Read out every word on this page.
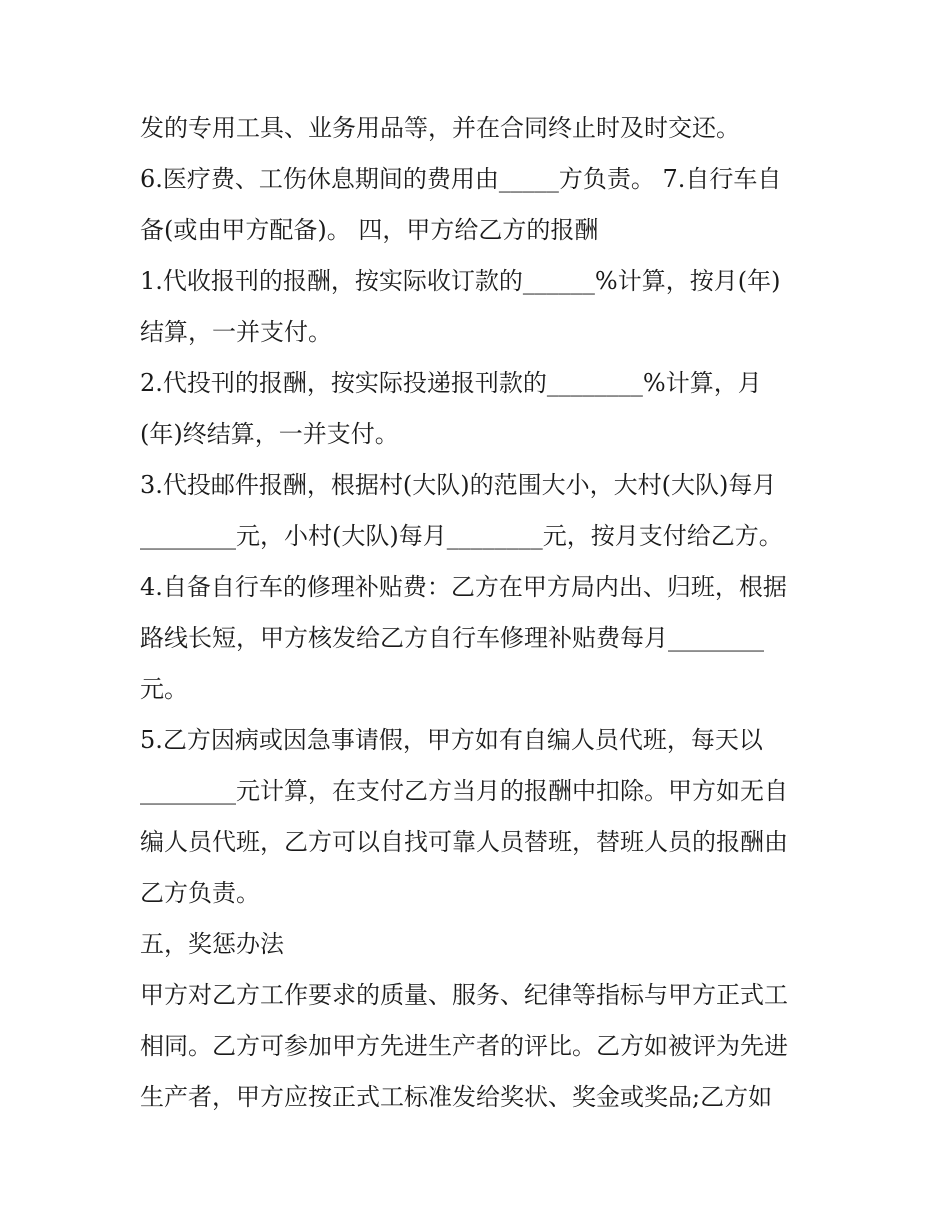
发的专用工具、业务用品等，并在合同终止时及时交还。
6.医疗费、工伤休息期间的费用由_____方负责。 7.自行车自
备(或由甲方配备)。 四，甲方给乙方的报酬
1.代收报刊的报酬，按实际收订款的______%计算，按月(年)
结算，一并支付。
2.代投刊的报酬，按实际投递报刊款的________%计算，月
(年)终结算，一并支付。
3.代投邮件报酬，根据村(大队)的范围大小，大村(大队)每月
________元，小村(大队)每月________元，按月支付给乙方。
4.自备自行车的修理补贴费：乙方在甲方局内出、归班，根据
路线长短，甲方核发给乙方自行车修理补贴费每月________
元。
5.乙方因病或因急事请假，甲方如有自编人员代班，每天以
________元计算，在支付乙方当月的报酬中扣除。甲方如无自
编人员代班，乙方可以自找可靠人员替班，替班人员的报酬由
乙方负责。
五，奖惩办法
甲方对乙方工作要求的质量、服务、纪律等指标与甲方正式工
相同。乙方可参加甲方先进生产者的评比。乙方如被评为先进
生产者，甲方应按正式工标准发给奖状、奖金或奖品;乙方如
